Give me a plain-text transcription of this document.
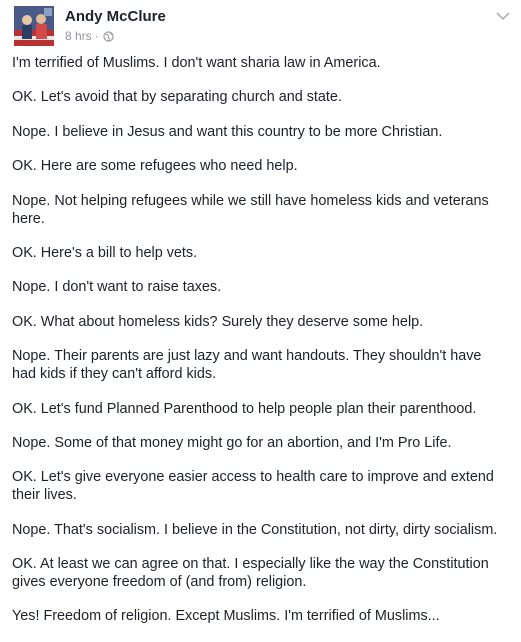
Andy McClure
8 hrs ·

I'm terrified of Muslims. I don't want sharia law in America.

OK. Let's avoid that by separating church and state.

Nope. I believe in Jesus and want this country to be more Christian.

OK. Here are some refugees who need help.

Nope. Not helping refugees while we still have homeless kids and veterans here.

OK. Here's a bill to help vets.

Nope. I don't want to raise taxes.

OK. What about homeless kids? Surely they deserve some help.

Nope. Their parents are just lazy and want handouts. They shouldn't have had kids if they can't afford kids.

OK. Let's fund Planned Parenthood to help people plan their parenthood.

Nope. Some of that money might go for an abortion, and I'm Pro Life.

OK. Let's give everyone easier access to health care to improve and extend their lives.

Nope. That's socialism. I believe in the Constitution, not dirty, dirty socialism.

OK. At least we can agree on that. I especially like the way the Constitution gives everyone freedom of (and from) religion.

Yes! Freedom of religion. Except Muslims. I'm terrified of Muslims...
